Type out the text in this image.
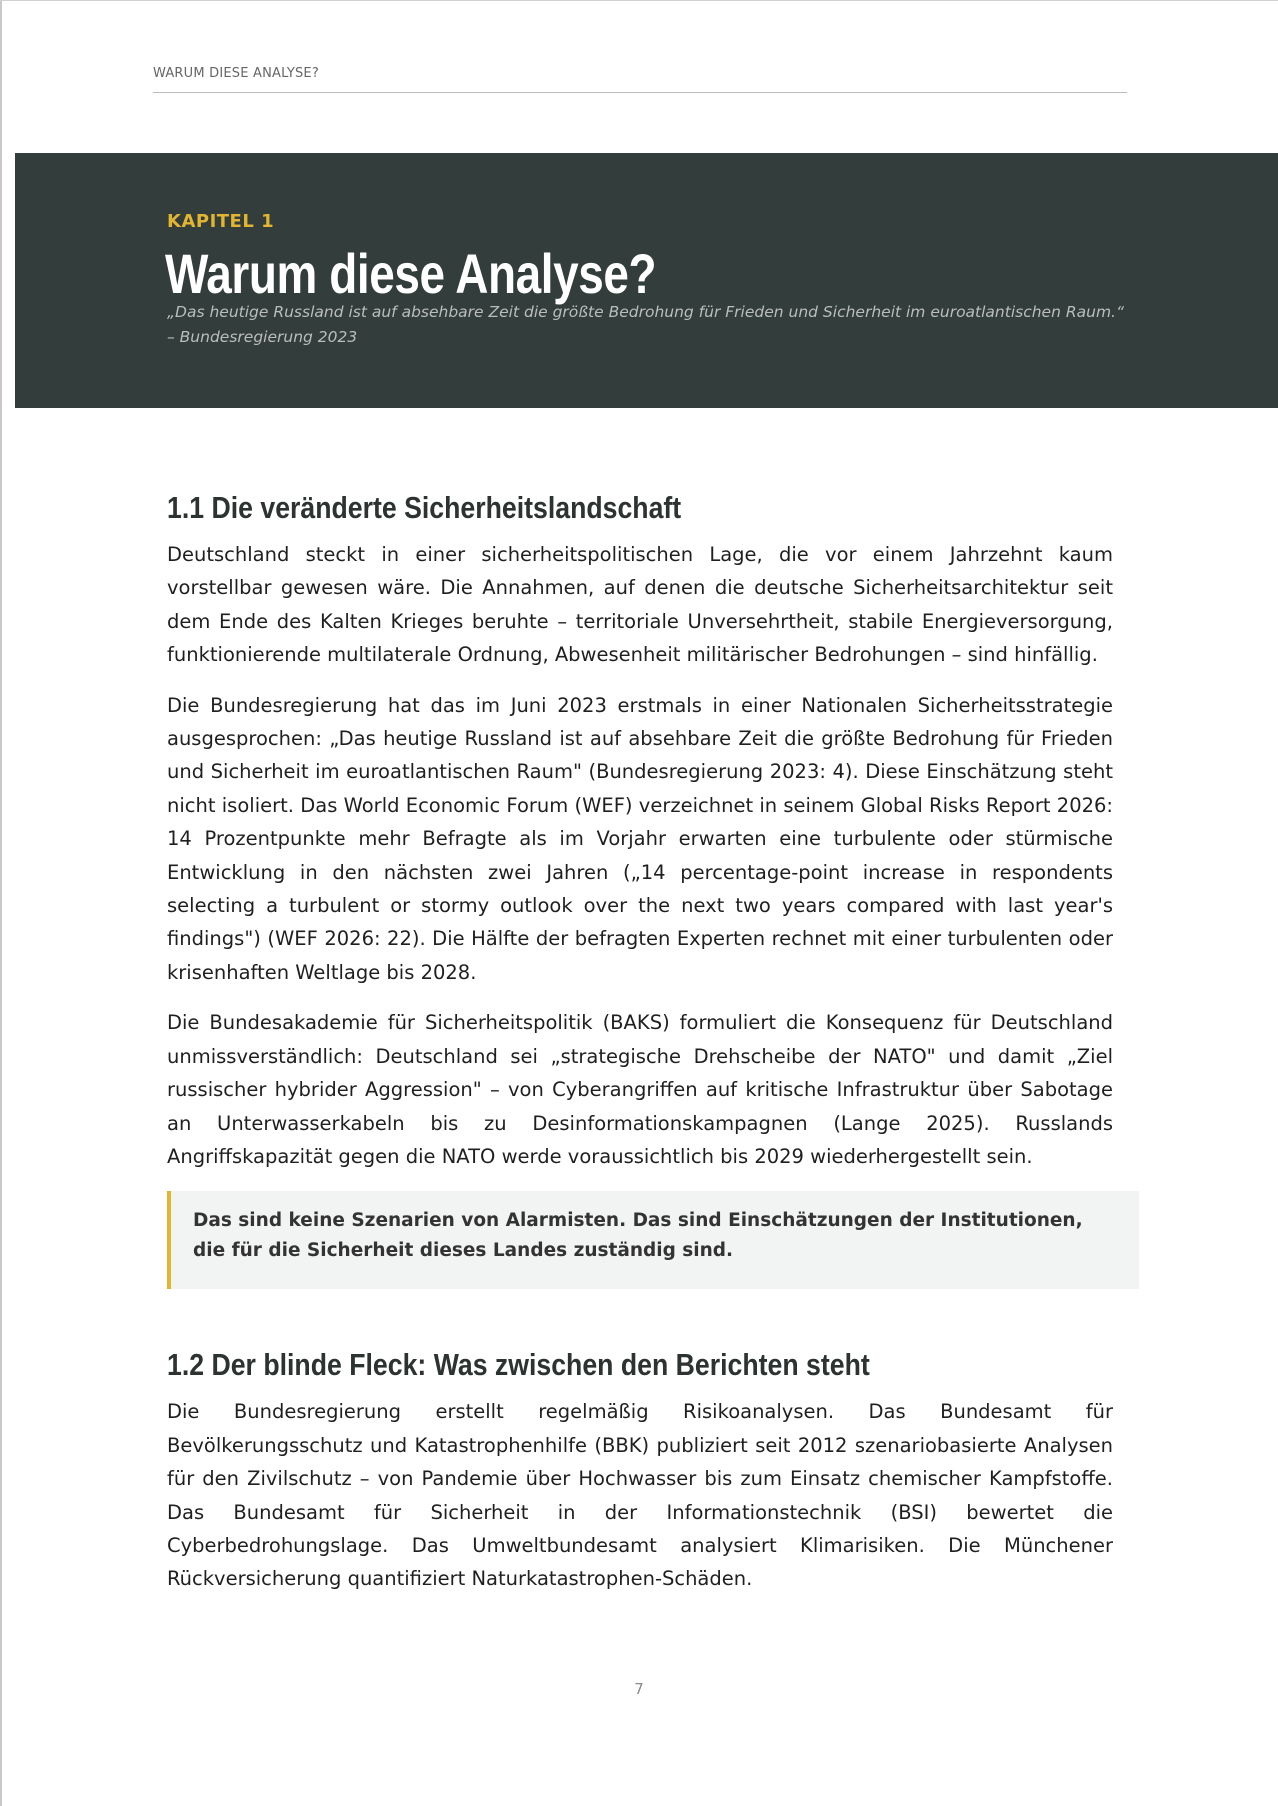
WARUM DIESE ANALYSE?
KAPITEL 1
Warum diese Analyse?
„Das heutige Russland ist auf absehbare Zeit die größte Bedrohung für Frieden und Sicherheit im euroatlantischen Raum.“
– Bundesregierung 2023
1.1 Die veränderte Sicherheitslandschaft

Deutschland steckt in einer sicherheitspolitischen Lage, die vor einem Jahrzehnt kaum vorstellbar gewesen wäre. Die Annahmen, auf denen die deutsche Sicherheitsarchitektur seit dem Ende des Kalten Krieges beruhte – territoriale Unversehrtheit, stabile Energieversorgung, funktionierende multilaterale Ordnung, Abwesenheit militärischer Bedrohungen – sind hinfällig.

Die Bundesregierung hat das im Juni 2023 erstmals in einer Nationalen Sicherheitsstrategie ausgesprochen: „Das heutige Russland ist auf absehbare Zeit die größte Bedrohung für Frieden und Sicherheit im euroatlantischen Raum" (Bundesregierung 2023: 4). Diese Einschätzung steht nicht isoliert. Das World Economic Forum (WEF) verzeichnet in seinem Global Risks Report 2026: 14 Prozentpunkte mehr Befragte als im Vorjahr erwarten eine turbulente oder stürmische Entwicklung in den nächsten zwei Jahren („14 percentage-point increase in respondents selecting a turbulent or stormy outlook over the next two years compared with last year's findings") (WEF 2026: 22). Die Hälfte der befragten Experten rechnet mit einer turbulenten oder krisenhaften Weltlage bis 2028.

Die Bundesakademie für Sicherheitspolitik (BAKS) formuliert die Konsequenz für Deutschland unmissverständlich: Deutschland sei „strategische Drehscheibe der NATO" und damit „Ziel russischer hybrider Aggression" – von Cyberangriffen auf kritische Infrastruktur über Sabotage an Unterwasserkabeln bis zu Desinformationskampagnen (Lange 2025). Russlands Angriffskapazität gegen die NATO werde voraussichtlich bis 2029 wiederhergestellt sein.

Das sind keine Szenarien von Alarmisten. Das sind Einschätzungen der Institutionen, die für die Sicherheit dieses Landes zuständig sind.
1.2 Der blinde Fleck: Was zwischen den Berichten steht

Die Bundesregierung erstellt regelmäßig Risikoanalysen. Das Bundesamt für Bevölkerungsschutz und Katastrophenhilfe (BBK) publiziert seit 2012 szenariobasierte Analysen für den Zivilschutz – von Pandemie über Hochwasser bis zum Einsatz chemischer Kampfstoffe. Das Bundesamt für Sicherheit in der Informationstechnik (BSI) bewertet die Cyberbedrohungslage. Das Umweltbundesamt analysiert Klimarisiken. Die Münchener Rückversicherung quantifiziert Naturkatastrophen-Schäden.

7
